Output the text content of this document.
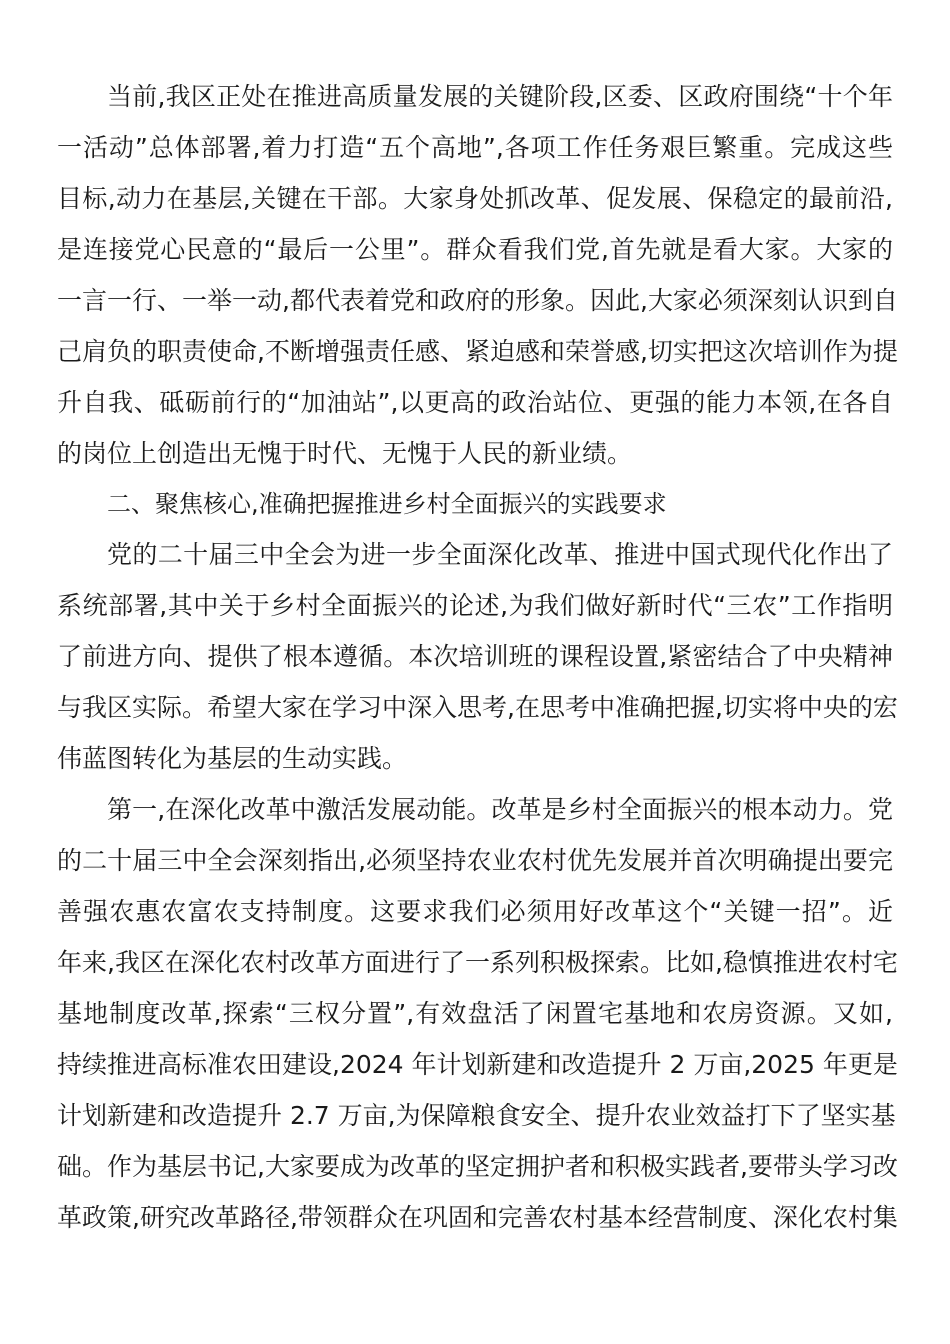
当前,我区正处在推进高质量发展的关键阶段,区委、区政府围绕“十个年
一活动”总体部署,着力打造“五个高地”,各项工作任务艰巨繁重。完成这些
目标,动力在基层,关键在干部。大家身处抓改革、促发展、保稳定的最前沿,
是连接党心民意的“最后一公里”。群众看我们党,首先就是看大家。大家的
一言一行、一举一动,都代表着党和政府的形象。因此,大家必须深刻认识到自
己肩负的职责使命,不断增强责任感、紧迫感和荣誉感,切实把这次培训作为提
升自我、砥砺前行的“加油站”,以更高的政治站位、更强的能力本领,在各自
的岗位上创造出无愧于时代、无愧于人民的新业绩。
二、聚焦核心,准确把握推进乡村全面振兴的实践要求
党的二十届三中全会为进一步全面深化改革、推进中国式现代化作出了
系统部署,其中关于乡村全面振兴的论述,为我们做好新时代“三农”工作指明
了前进方向、提供了根本遵循。本次培训班的课程设置,紧密结合了中央精神
与我区实际。希望大家在学习中深入思考,在思考中准确把握,切实将中央的宏
伟蓝图转化为基层的生动实践。
第一,在深化改革中激活发展动能。改革是乡村全面振兴的根本动力。党
的二十届三中全会深刻指出,必须坚持农业农村优先发展并首次明确提出要完
善强农惠农富农支持制度。这要求我们必须用好改革这个“关键一招”。近
年来,我区在深化农村改革方面进行了一系列积极探索。比如,稳慎推进农村宅
基地制度改革,探索“三权分置”,有效盘活了闲置宅基地和农房资源。又如,
持续推进高标准农田建设,2024 年计划新建和改造提升 2 万亩,2025 年更是
计划新建和改造提升 2.7 万亩,为保障粮食安全、提升农业效益打下了坚实基
础。作为基层书记,大家要成为改革的坚定拥护者和积极实践者,要带头学习改
革政策,研究改革路径,带领群众在巩固和完善农村基本经营制度、深化农村集
